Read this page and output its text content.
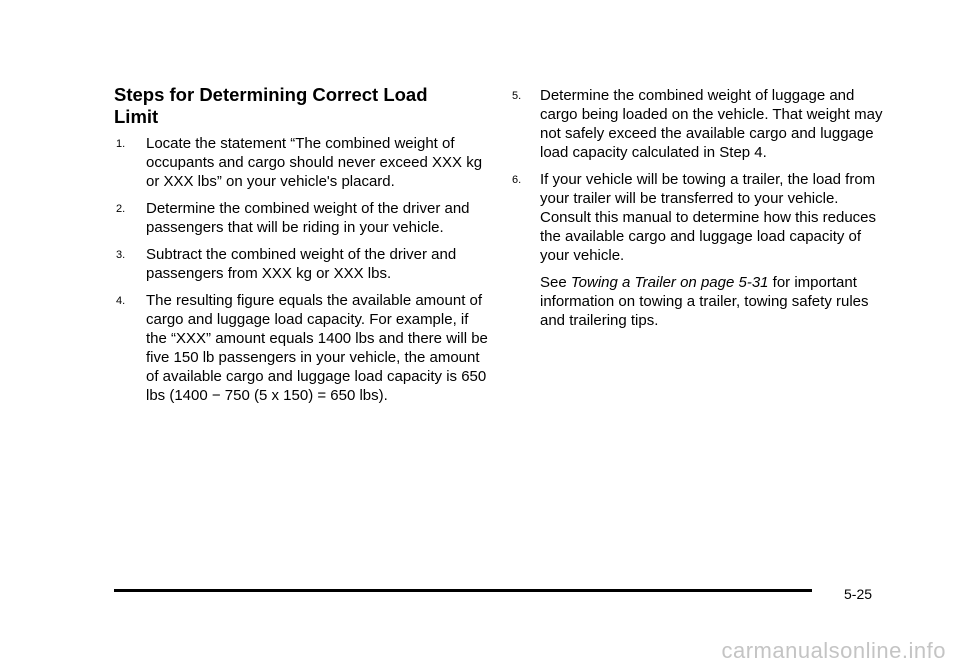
Steps for Determining Correct Load Limit
1. Locate the statement “The combined weight of occupants and cargo should never exceed XXX kg or XXX lbs” on your vehicle's placard.
2. Determine the combined weight of the driver and passengers that will be riding in your vehicle.
3. Subtract the combined weight of the driver and passengers from XXX kg or XXX lbs.
4. The resulting figure equals the available amount of cargo and luggage load capacity. For example, if the “XXX” amount equals 1400 lbs and there will be five 150 lb passengers in your vehicle, the amount of available cargo and luggage load capacity is 650 lbs (1400 − 750 (5 x 150) = 650 lbs).
5. Determine the combined weight of luggage and cargo being loaded on the vehicle. That weight may not safely exceed the available cargo and luggage load capacity calculated in Step 4.
6. If your vehicle will be towing a trailer, the load from your trailer will be transferred to your vehicle. Consult this manual to determine how this reduces the available cargo and luggage load capacity of your vehicle.
See Towing a Trailer on page 5-31 for important information on towing a trailer, towing safety rules and trailering tips.
5-25
carmanualsonline.info
